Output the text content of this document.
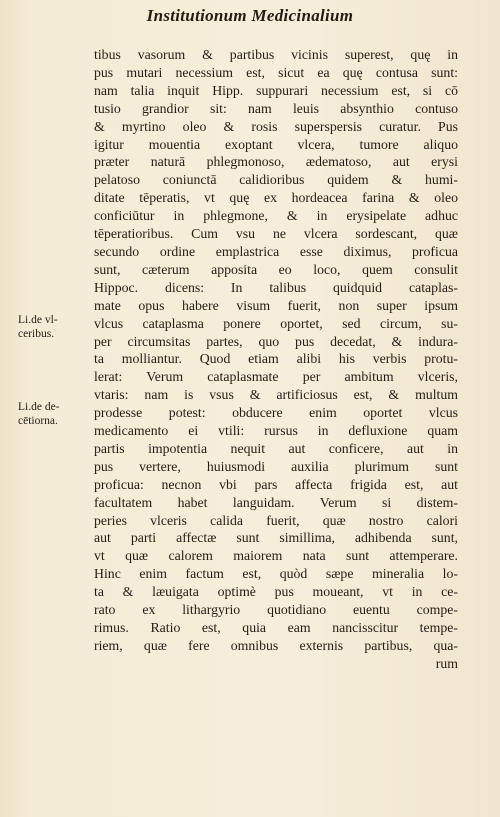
Institutionum Medicinalium
Li.de vl-
ceribus.
Li.de de-
cētiorna.
tibus vasorum & partibus vicinis superest, quę in
pus mutari necessium est, sicut ea quę contusa sunt:
nam talia inquit Hipp. suppurari necessium est, si cō
tusio grandior sit: nam leuis absynthio contuso
& myrtino oleo & rosis superspersis curatur. Pus
igitur mouentia exoptant vlcera, tumore aliquo
præter naturā phlegmonoso, ædematoso, aut erysi
pelatoso coniunctā calidioribus quidem & humi-
ditate tēperatis, vt quę ex hordeacea farina & oleo
conficiūtur in phlegmone, & in erysipelate adhuc
tēperatioribus. Cum vsu ne vlcera sordescant, quæ
secundo ordine emplastrica esse diximus, proficua
sunt, cæterum apposita eo loco, quem consulit
Hippoc. dicens: In talibus quidquid cataplas-
mate opus habere visum fuerit, non super ipsum
vlcus cataplasma ponere oportet, sed circum, su-
per circumsitas partes, quo pus decedat, & indura-
ta molliantur. Quod etiam alibi his verbis protu-
lerat: Verum cataplasmate per ambitum vlceris,
vtaris: nam is vsus & artificiosus est, & multum
prodesse potest: obducere enim oportet vlcus
medicamento ei vtili: rursus in defluxione quam
partis impotentia nequit aut conficere, aut in
pus vertere, huiusmodi auxilia plurimum sunt
proficua: necnon vbi pars affecta frigida est, aut
facultatem habet languidam. Verum si distem-
peries vlceris calida fuerit, quæ nostro calori
aut parti affectæ sunt simillima, adhibenda sunt,
vt quæ calorem maiorem nata sunt attemperare.
Hinc enim factum est, quòd sæpe mineralia lo-
ta & læuigata optimè pus moueant, vt in ce-
rato ex lithargyrio quotidiano euentu compe-
rimus. Ratio est, quia eam nancisscitur tempe-
riem, quæ fere omnibus externis partibus, qua-
rum
